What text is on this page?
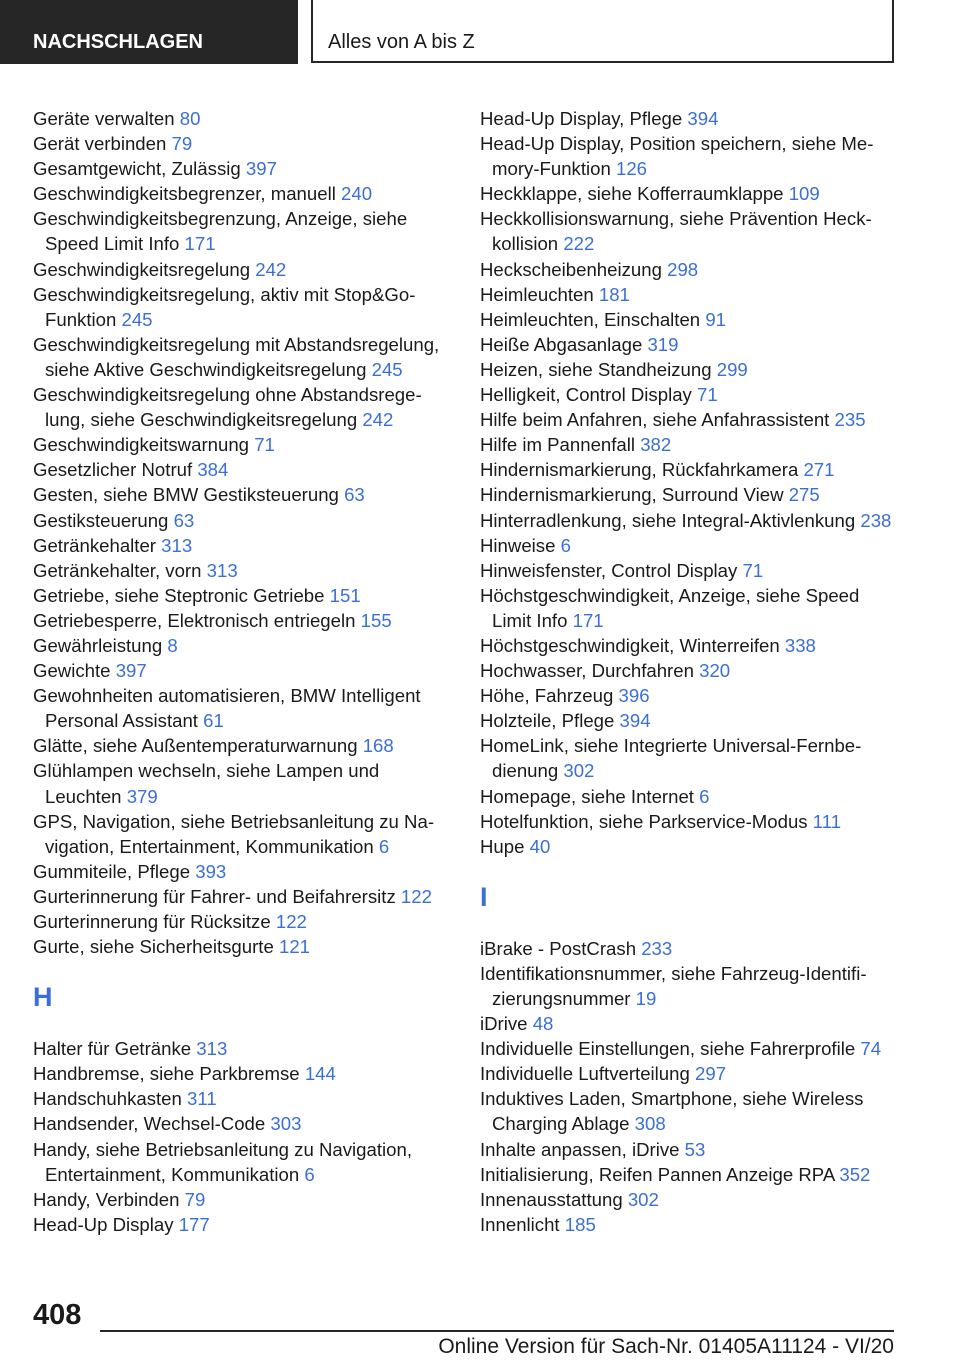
NACHSCHLAGEN	Alles von A bis Z
Geräte verwalten 80
Gerät verbinden 79
Gesamtgewicht, Zulässig 397
Geschwindigkeitsbegrenzer, manuell 240
Geschwindigkeitsbegrenzung, Anzeige, siehe Speed Limit Info 171
Geschwindigkeitsregelung 242
Geschwindigkeitsregelung, aktiv mit Stop&Go-Funktion 245
Geschwindigkeitsregelung mit Abstandsregelung, siehe Aktive Geschwindigkeitsregelung 245
Geschwindigkeitsregelung ohne Abstandsregelung, siehe Geschwindigkeitsregelung 242
Geschwindigkeitswarnung 71
Gesetzlicher Notruf 384
Gesten, siehe BMW Gestiksteuerung 63
Gestiksteuerung 63
Getränkehalter 313
Getränkehalter, vorn 313
Getriebe, siehe Steptronic Getriebe 151
Getriebesperre, Elektronisch entriegeln 155
Gewährleistung 8
Gewichte 397
Gewohnheiten automatisieren, BMW Intelligent Personal Assistant 61
Glätte, siehe Außentemperaturwarnung 168
Glühlampen wechseln, siehe Lampen und Leuchten 379
GPS, Navigation, siehe Betriebsanleitung zu Navigation, Entertainment, Kommunikation 6
Gummiteile, Pflege 393
Gurterinnerung für Fahrer- und Beifahrersitz 122
Gurterinnerung für Rücksitze 122
Gurte, siehe Sicherheitsgurte 121
H
Halter für Getränke 313
Handbremse, siehe Parkbremse 144
Handschuhkasten 311
Handsender, Wechsel-Code 303
Handy, siehe Betriebsanleitung zu Navigation, Entertainment, Kommunikation 6
Handy, Verbinden 79
Head-Up Display 177
Head-Up Display, Pflege 394
Head-Up Display, Position speichern, siehe Memory-Funktion 126
Heckklappe, siehe Kofferraumklappe 109
Heckkollisionswarnung, siehe Prävention Heckkollision 222
Heckscheibenheizung 298
Heimleuchten 181
Heimleuchten, Einschalten 91
Heiße Abgasanlage 319
Heizen, siehe Standheizung 299
Helligkeit, Control Display 71
Hilfe beim Anfahren, siehe Anfahrassistent 235
Hilfe im Pannenfall 382
Hindernismarkierung, Rückfahrkamera 271
Hindernismarkierung, Surround View 275
Hinterradlenkung, siehe Integral-Aktivlenkung 238
Hinweise 6
Hinweisfenster, Control Display 71
Höchstgeschwindigkeit, Anzeige, siehe Speed Limit Info 171
Höchstgeschwindigkeit, Winterreifen 338
Hochwasser, Durchfahren 320
Höhe, Fahrzeug 396
Holzteile, Pflege 394
HomeLink, siehe Integrierte Universal-Fernbedienung 302
Homepage, siehe Internet 6
Hotelfunktion, siehe Parkservice-Modus 111
Hupe 40
I
iBrake - PostCrash 233
Identifikationsnummer, siehe Fahrzeug-Identifizierungsnummer 19
iDrive 48
Individuelle Einstellungen, siehe Fahrerprofile 74
Individuelle Luftverteilung 297
Induktives Laden, Smartphone, siehe Wireless Charging Ablage 308
Inhalte anpassen, iDrive 53
Initialisierung, Reifen Pannen Anzeige RPA 352
Innenausstattung 302
Innenlicht 185
408
Online Version für Sach-Nr. 01405A11124 - VI/20
